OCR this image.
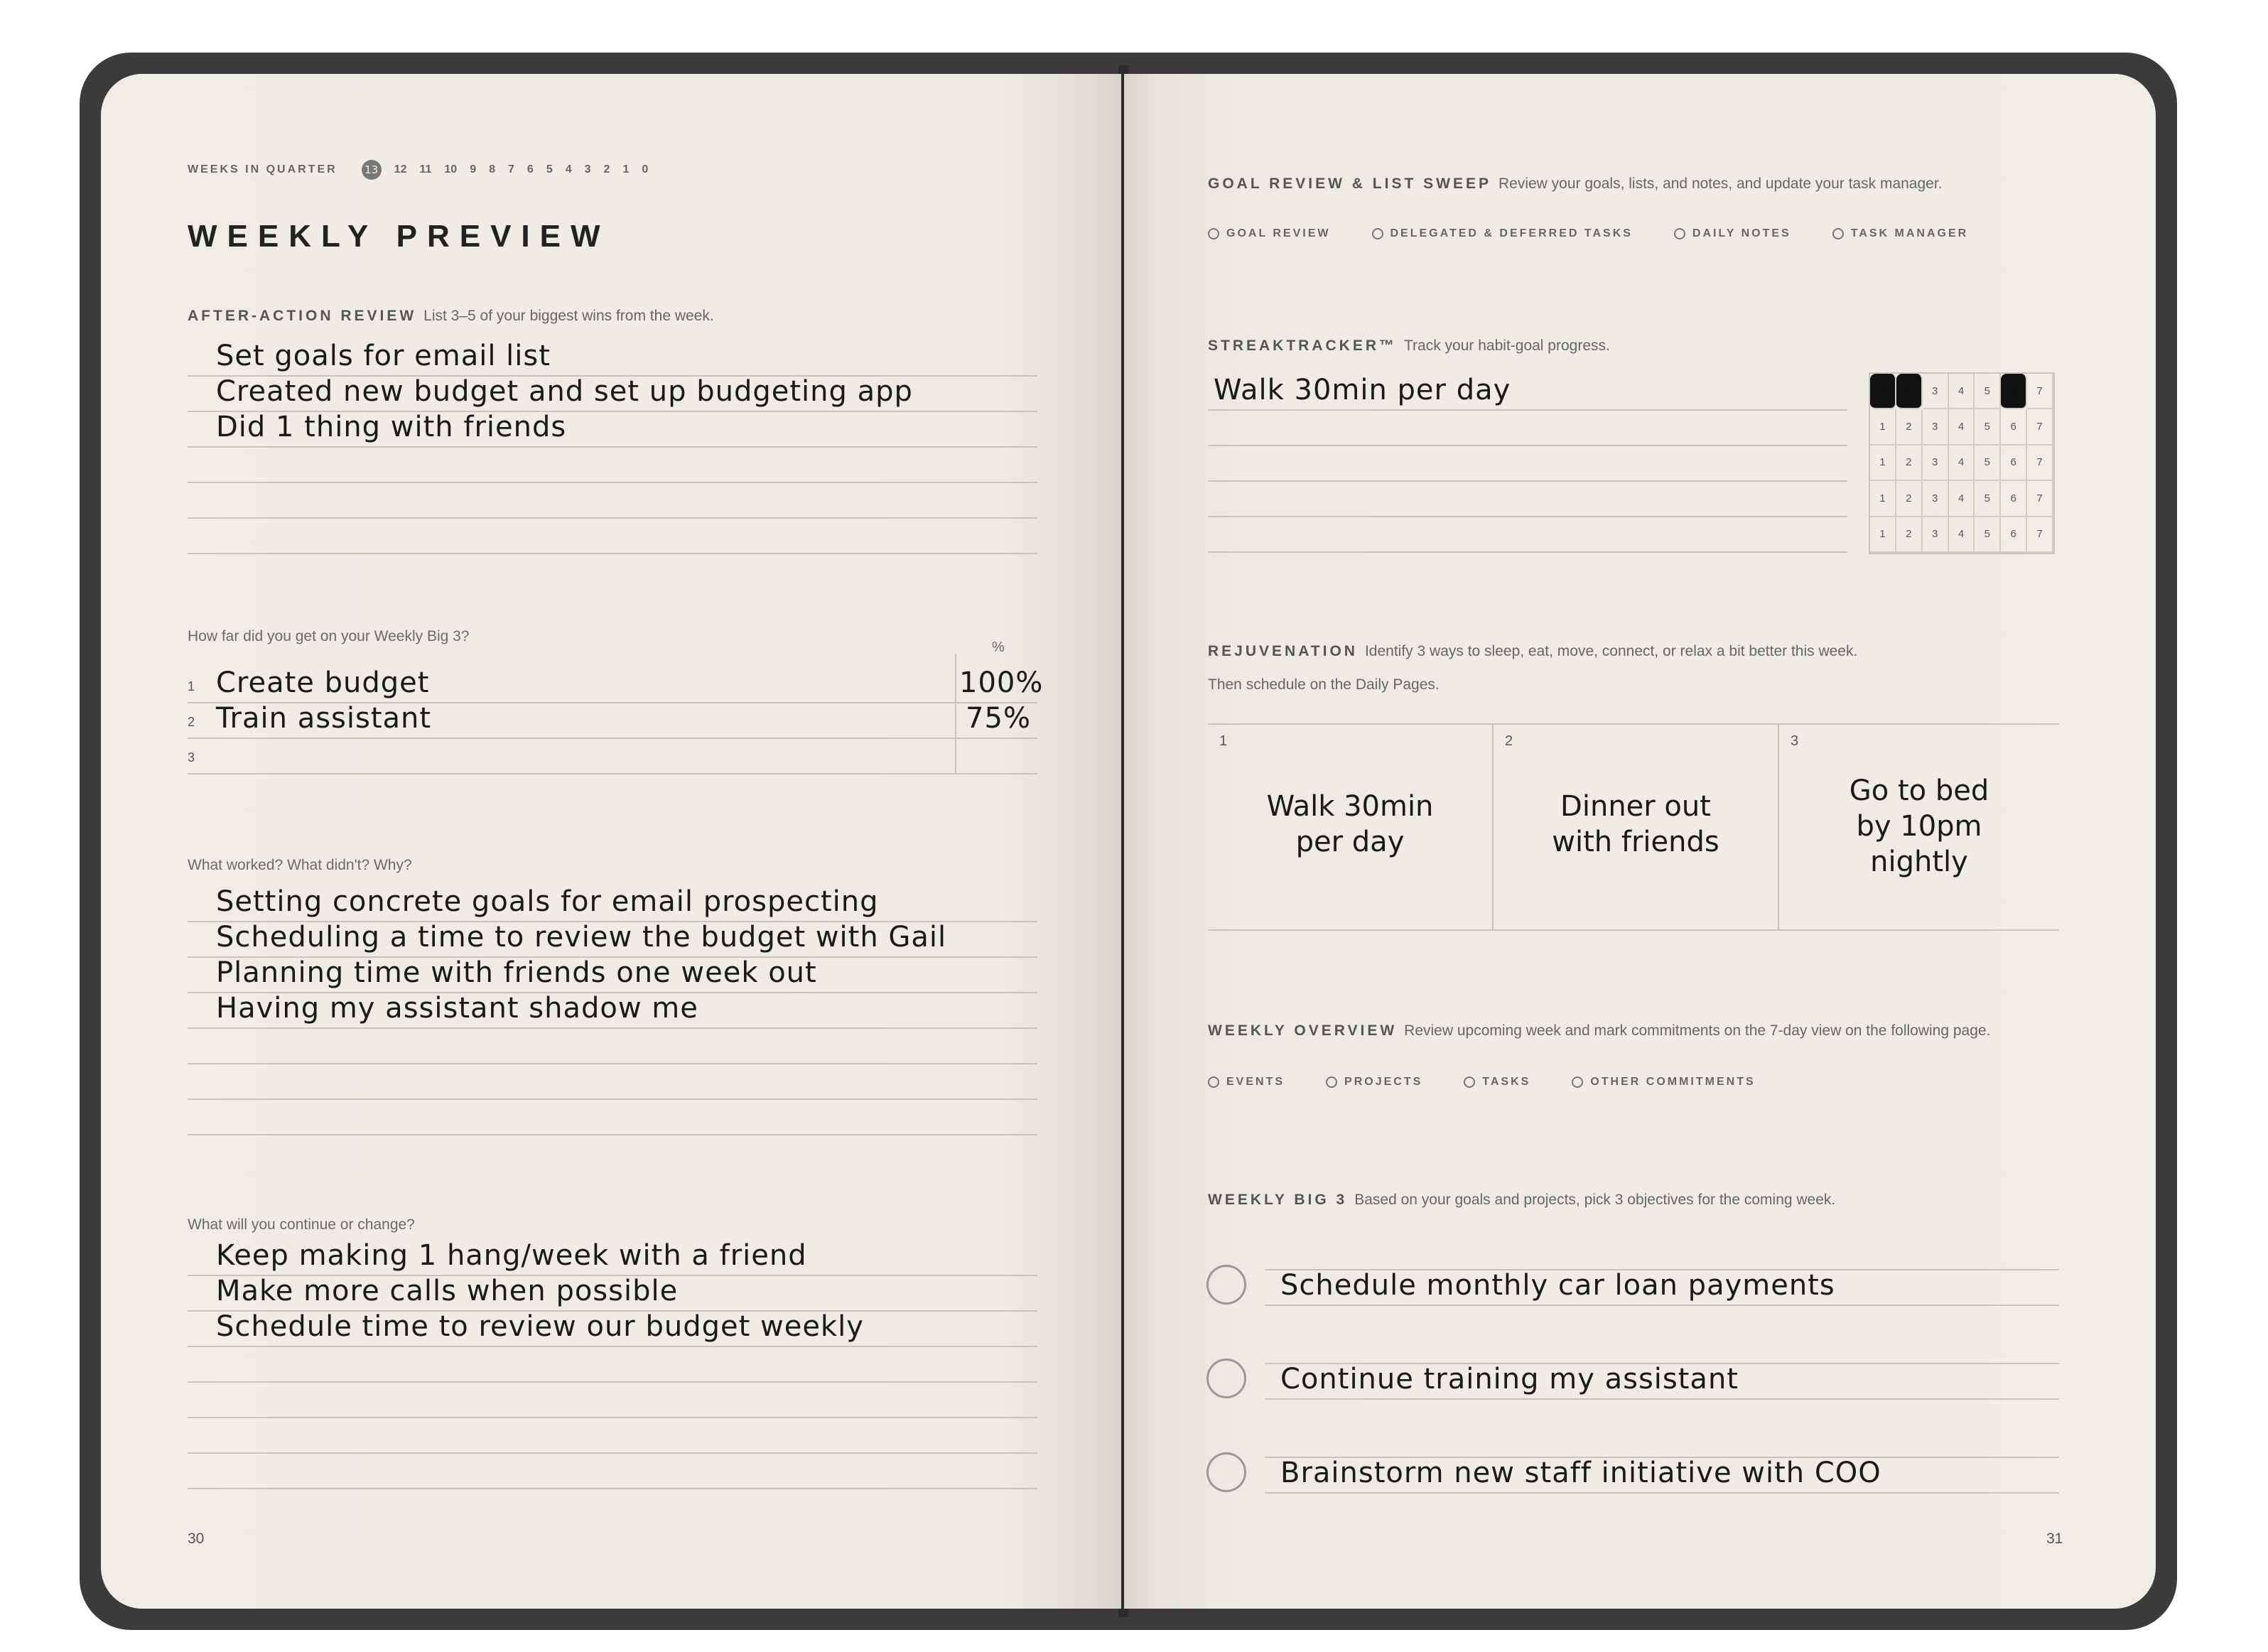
WEEKS IN QUARTER	13 12 11 10 9 8 7 6 5 4 3 2 1 0
WEEKLY PREVIEW
AFTER-ACTION REVIEW List 3–5 of your biggest wins from the week.
Set goals for email list
Created new budget and set up budgeting app
Did 1 thing with friends
How far did you get on your Weekly Big 3?
%
1 Create budget	100%
2 Train assistant	75%
3
What worked? What didn't? Why?
Setting concrete goals for email prospecting
Scheduling a time to review the budget with Gail
Planning time with friends one week out
Having my assistant shadow me
What will you continue or change?
Keep making 1 hang/week with a friend
Make more calls when possible
Schedule time to review our budget weekly
30
GOAL REVIEW & LIST SWEEP Review your goals, lists, and notes, and update your task manager.
GOAL REVIEW	DELEGATED & DEFERRED TASKS	DAILY NOTES	TASK MANAGER
STREAKTRACKER™ Track your habit-goal progress.
Walk 30min per day	1	2	3	4	5	6	7
1	2	3	4	5	6	7
1	2	3	4	5	6	7
1	2	3	4	5	6	7
1	2	3	4	5	6	7
REJUVENATION Identify 3 ways to sleep, eat, move, connect, or relax a bit better this week.
Then schedule on the Daily Pages.
1
Walk 30min
per day
2
Dinner out
with friends
3
Go to bed
by 10pm
nightly
WEEKLY OVERVIEW Review upcoming week and mark commitments on the 7-day view on the following page.
EVENTS	PROJECTS	TASKS	OTHER COMMITMENTS
WEEKLY BIG 3 Based on your goals and projects, pick 3 objectives for the coming week.
Schedule monthly car loan payments
Continue training my assistant
Brainstorm new staff initiative with COO
31
